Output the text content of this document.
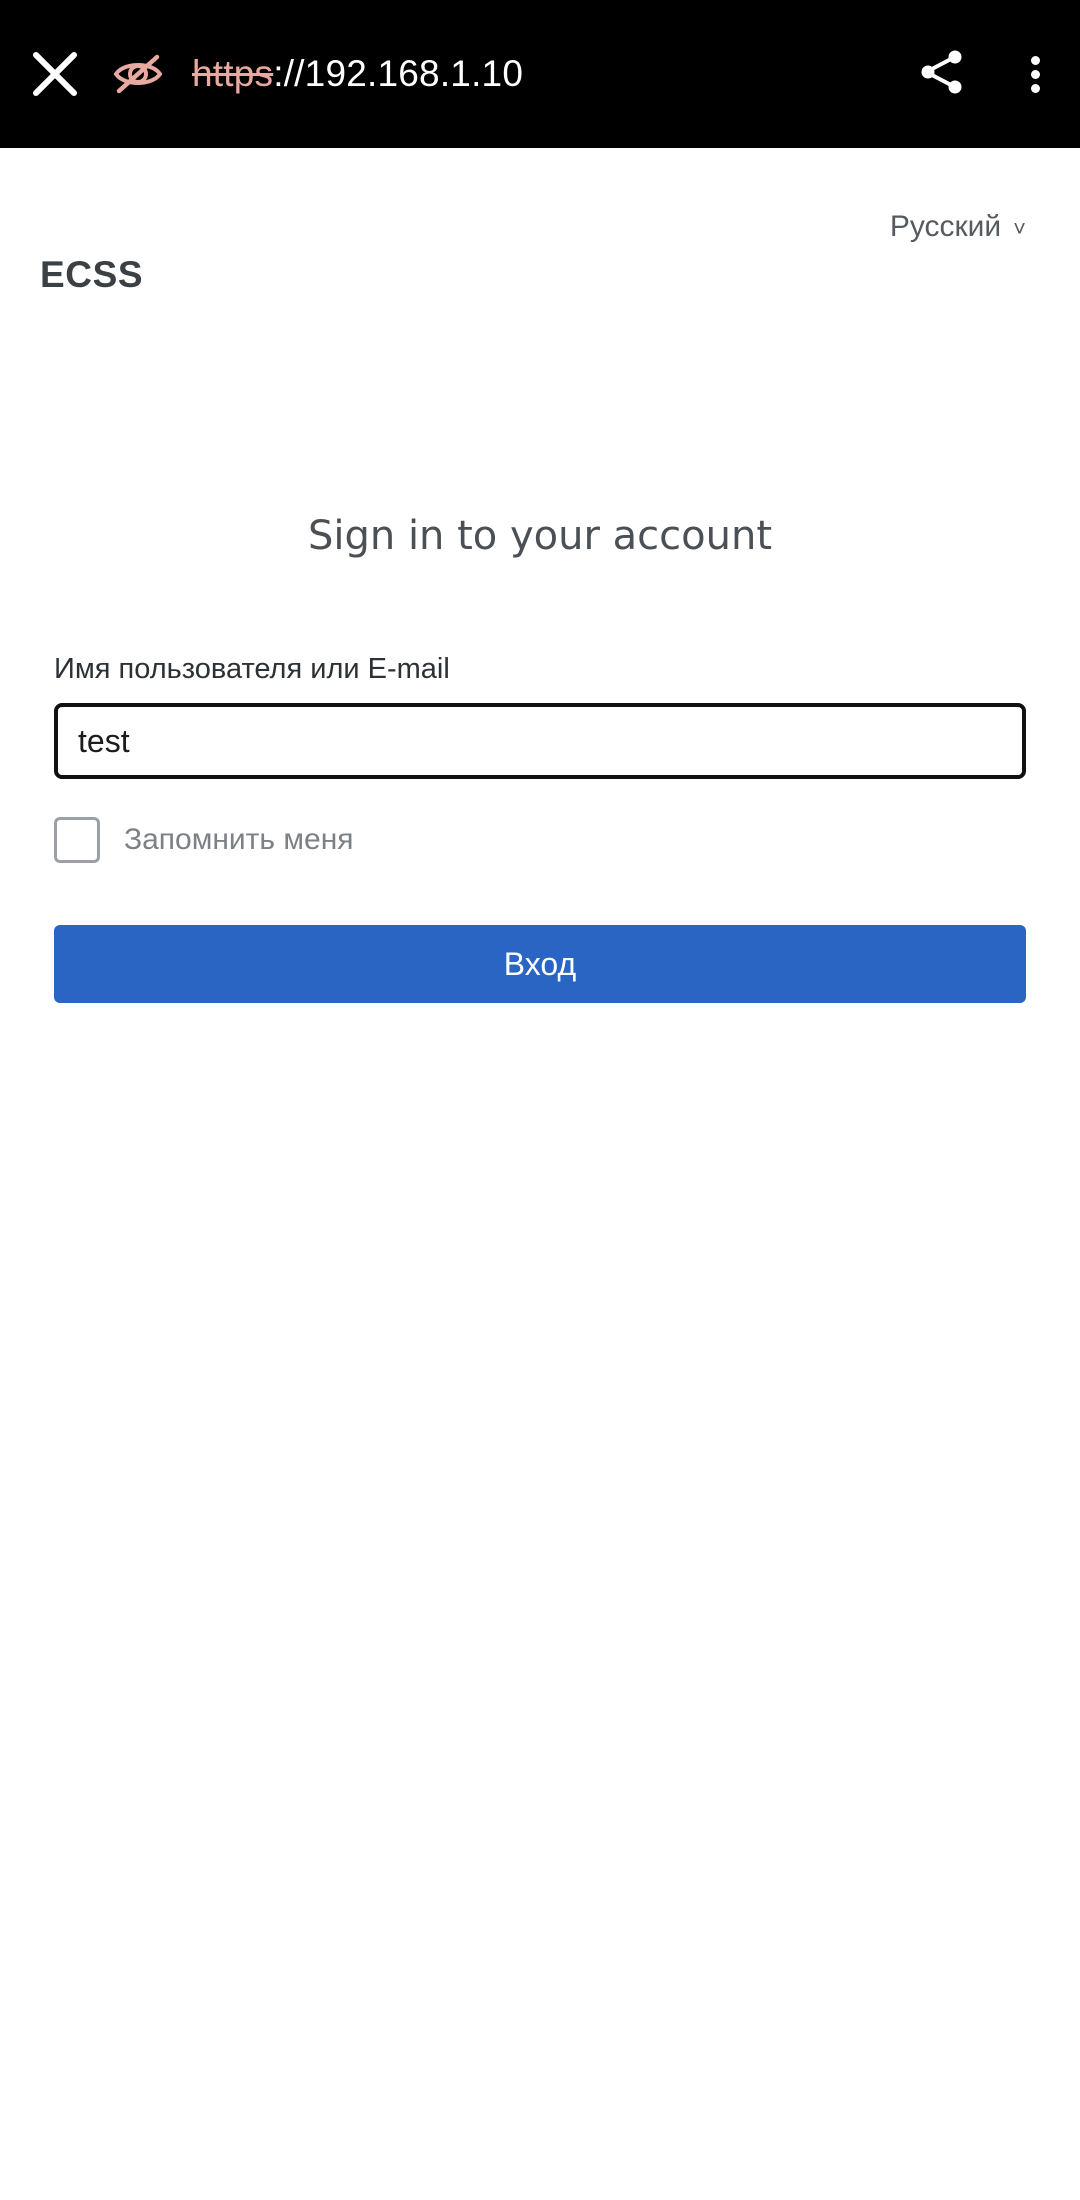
https://192.168.1.10
Русский ˅
ECSS
Sign in to your account
Имя пользователя или E-mail
test
Запомнить меня
Вход
